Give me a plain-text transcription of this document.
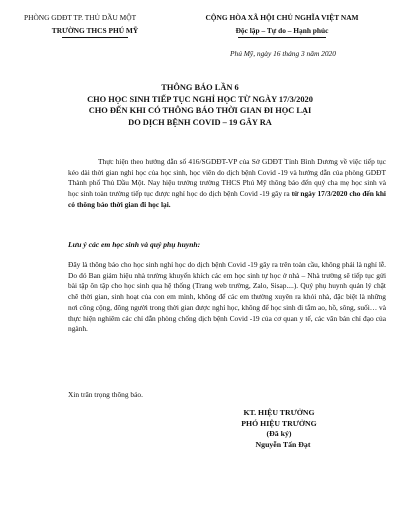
PHÒNG GDĐT TP. THỦ DẦU MỘT
TRƯỜNG THCS PHÚ MỸ
CỘNG HÒA XÃ HỘI CHỦ NGHĨA VIỆT NAM
Độc lập – Tự do – Hạnh phúc
Phú Mỹ, ngày 16 tháng 3 năm 2020
THÔNG BÁO LẦN 6
CHO HỌC SINH TIẾP TỤC NGHỈ HỌC TỪ NGÀY 17/3/2020
CHO ĐẾN KHI CÓ THÔNG BÁO THỜI GIAN ĐI HỌC LẠI
DO DỊCH BỆNH COVID – 19 GÂY RA
Thực hiện theo hướng dẫn số 416/SGDĐT-VP của Sở GDĐT Tỉnh Bình Dương về việc tiếp tục kéo dài thời gian nghỉ học của học sinh, học viên do dịch bệnh Covid -19 và hướng dẫn của phòng GDĐT Thành phố Thủ Dầu Một. Nay hiệu trưởng trường THCS Phú Mỹ thông báo đến quý cha mẹ học sinh và học sinh toàn trường tiếp tục được nghỉ học do dịch bệnh Covid -19 gây ra từ ngày 17/3/2020 cho đến khi có thông báo thời gian đi học lại.
Lưu ý các em học sinh và quý phụ huynh:
Đây là thông báo cho học sinh nghỉ học do dịch bệnh Covid -19 gây ra trên toàn cầu, không phải là nghỉ lễ. Do đó Ban giám hiệu nhà trường khuyến khích các em học sinh tự học ở nhà – Nhà trường sẽ tiếp tục gửi bài tập ôn tập cho học sinh qua hệ thống (Trang web trường, Zalo, Sisap....). Quý phụ huynh quản lý chặt chẽ thời gian, sinh hoạt của con em mình, không để các em thường xuyên ra khỏi nhà, đặc biệt là những nơi công cộng, đông người trong thời gian được nghỉ học, không để học sinh đi tắm ao, hồ, sông, suối… và thực hiện nghiêm các chỉ dẫn phòng chống dịch bệnh Covid -19 của cơ quan y tế, các văn bản chỉ đạo của ngành.
Xin trân trọng thông báo.
KT. HIỆU TRƯỞNG
PHÓ HIỆU TRƯỞNG
(Đã ký)
Nguyễn Tấn Đạt
